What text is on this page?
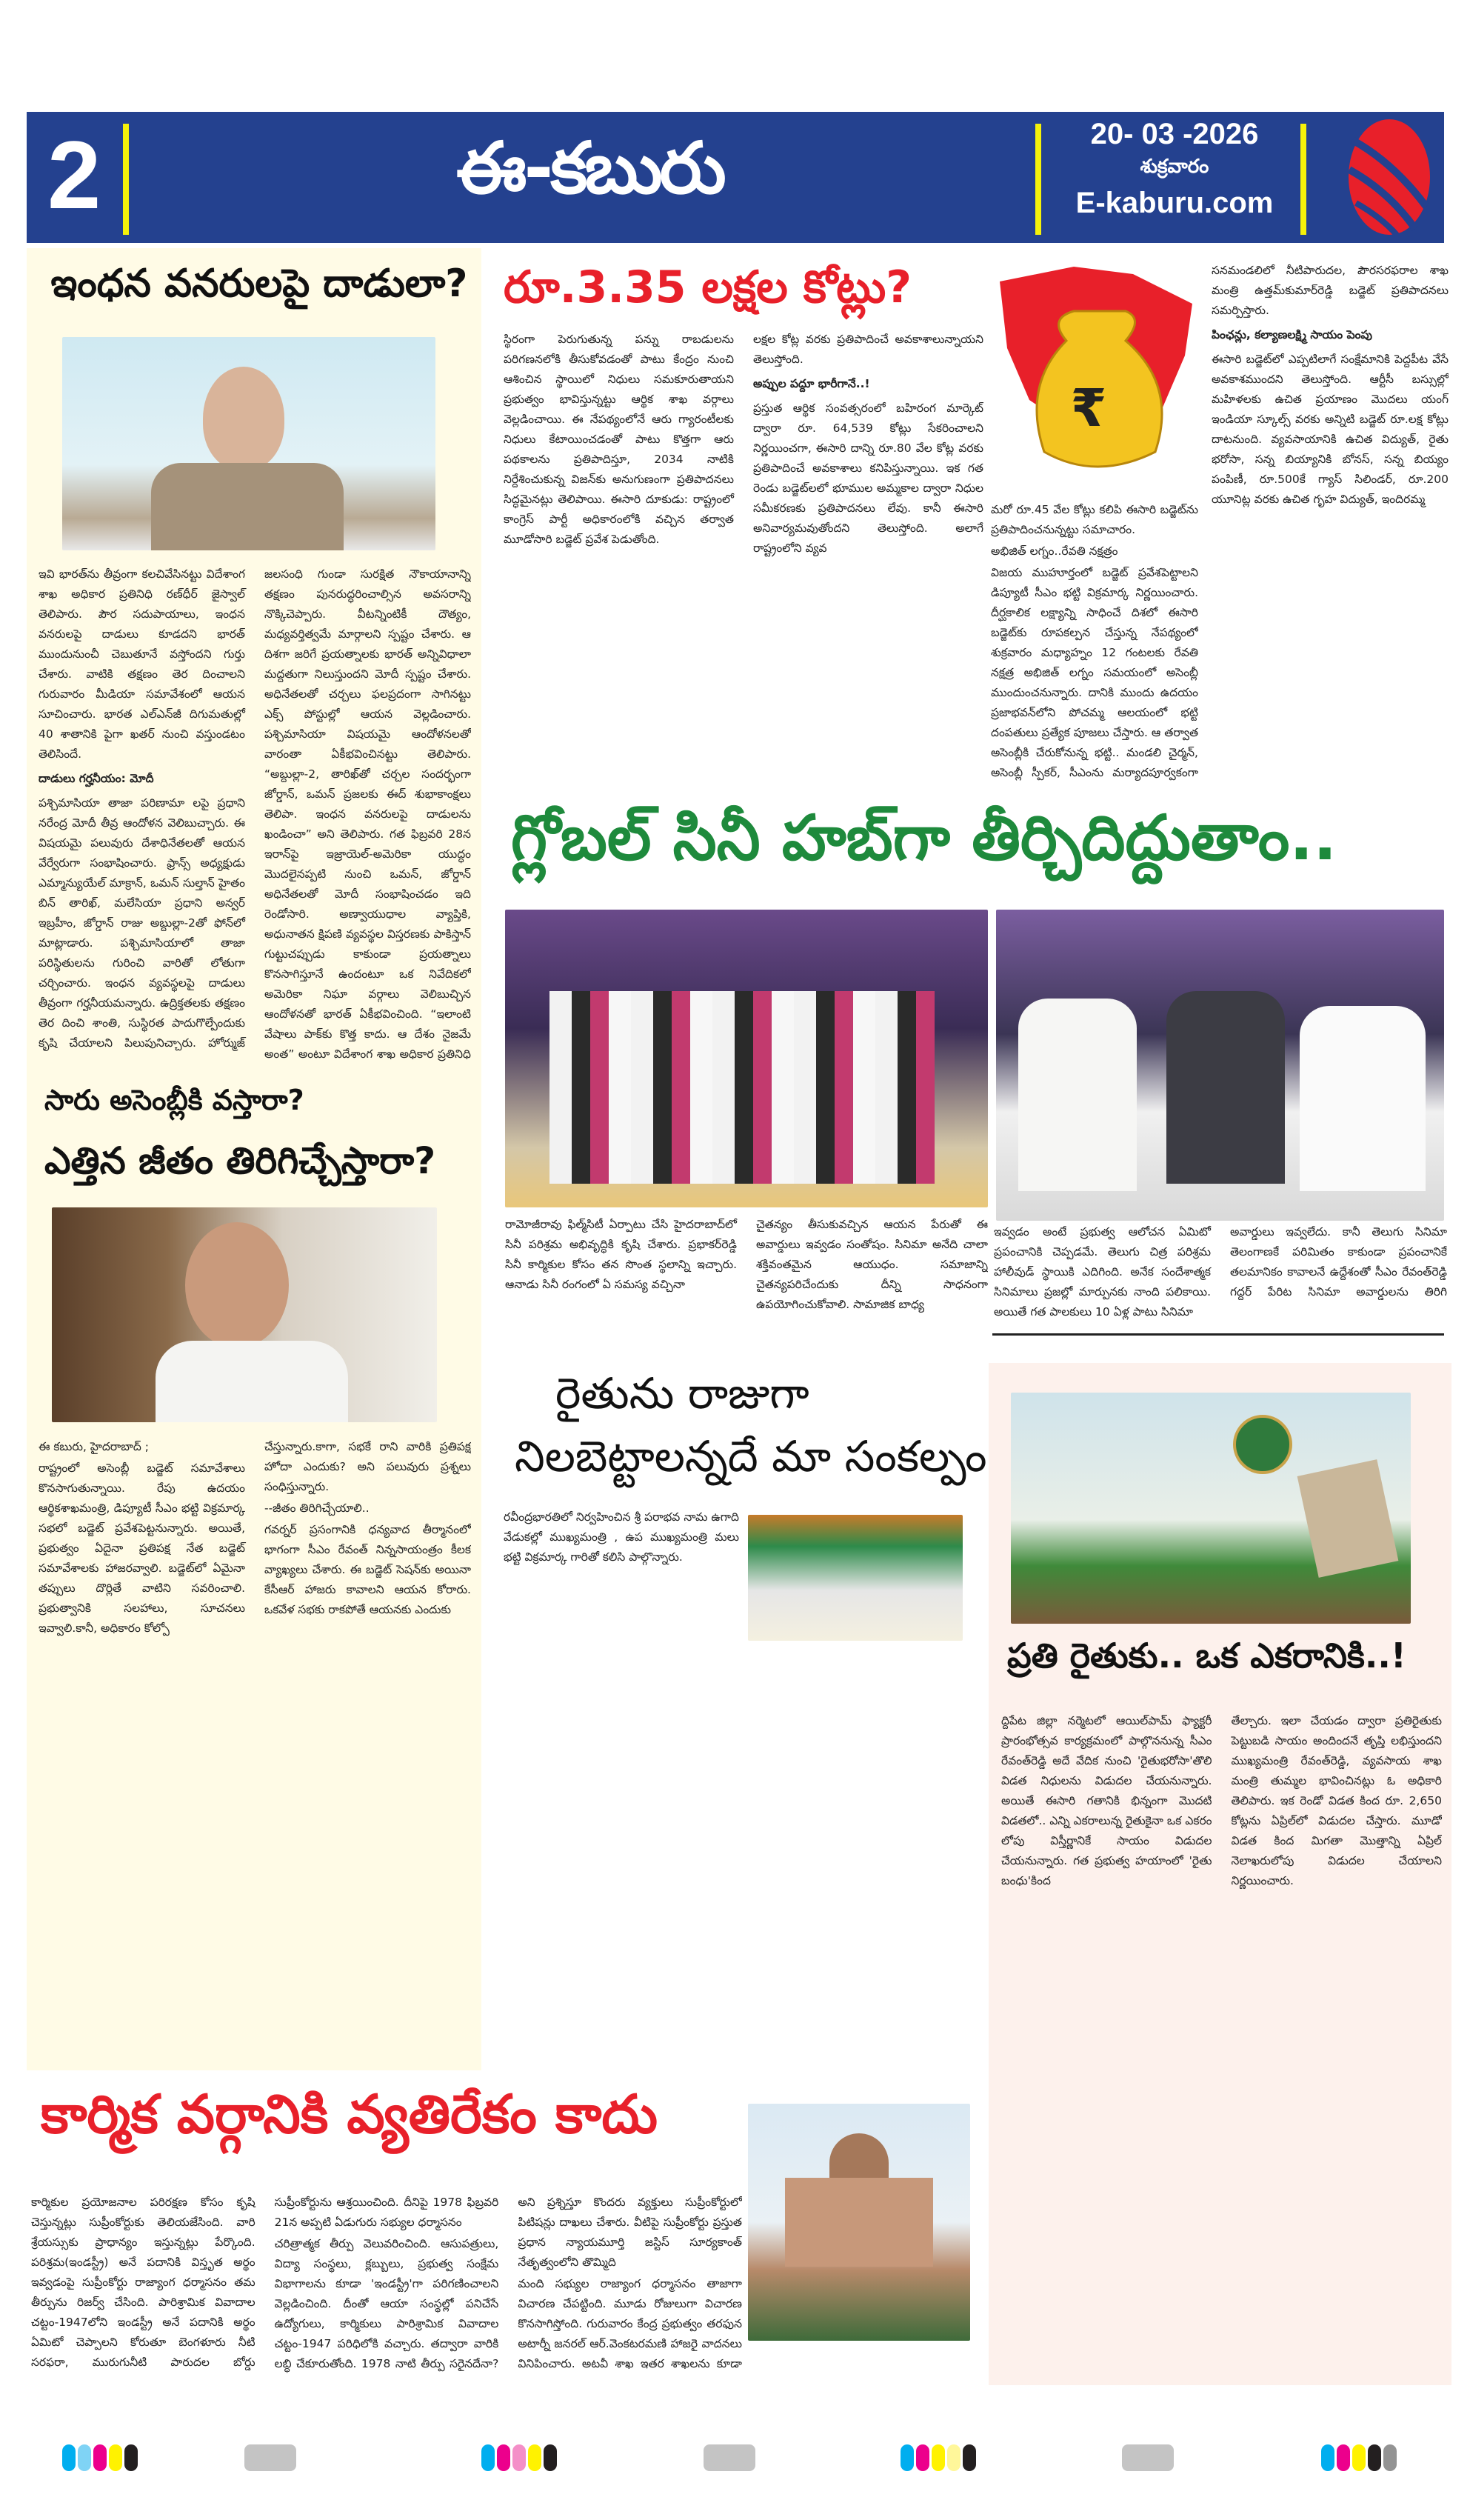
2	ఈ-కబురు	20- 03 -2026
శుక్రవారం
E-kaburu.com
ఇంధన వనరులపై దాడులా?

ఇవి భారత్‌ను తీవ్రంగా కలచివేసినట్టు విదేశాంగ శాఖ అధికార ప్రతినిధి రణ్‌ధీర్ జైస్వాల్ తెలిపారు. పౌర సదుపాయాలు, ఇంధన వనరులపై దాడులు కూడదని భారత్ ముందునుంచీ చెబుతూనే వస్తోందని గుర్తు చేశారు. వాటికి తక్షణం తెర దించాలని గురువారం మీడియా సమావేశంలో ఆయన సూచించారు. భారత ఎల్‌ఎన్‌జీ దిగుమతుల్లో 40 శాతానికి పైగా ఖతర్ నుంచి వస్తుండటం తెలిసిందే.

దాడులు గర్హనీయం: మోదీ

పశ్చిమాసియా తాజా పరిణామా లపై ప్రధాని నరేంద్ర మోదీ తీవ్ర ఆందోళన వెలిబుచ్చారు. ఈ విషయమై పలువురు దేశాధినేతలతో ఆయన వేర్వేరుగా సంభాషించారు. ఫ్రాన్స్ అధ్యక్షుడు ఎమ్మాన్యుయేల్ మాక్రాన్, ఒమన్ సుల్తాన్ హైతం బిన్ తారిఖ్, మలేసియా ప్రధాని అన్వర్ ఇబ్రహీం, జోర్డాన్ రాజు అబ్దుల్లా-2తో ఫోన్‌లో మాట్లాడారు. పశ్చిమాసియాలో తాజా పరిస్థితులను గురించి వారితో లోతుగా చర్చించారు. ఇంధన వ్యవస్థలపై దాడులు తీవ్రంగా గర్హనీయమన్నారు. ఉద్రిక్తతలకు తక్షణం తెర దించి శాంతి, సుస్థిరత పాదుగొల్పేందుకు కృషి చేయాలని పిలుపునిచ్చారు. హోర్ముజ్ జలసంధి గుండా సురక్షిత నౌకాయానాన్ని తక్షణం పునరుద్ధరించాల్సిన అవసరాన్ని నొక్కిచెప్పారు. వీటన్నింటికీ దౌత్యం, మధ్యవర్తిత్వమే మార్గాలని స్పష్టం చేశారు. ఆ దిశగా జరిగే ప్రయత్నాలకు భారత్ అన్నివిధాలా మద్దతుగా నిలుస్తుందని మోదీ స్పష్టం చేశారు. అధినేతలతో చర్చలు ఫలప్రదంగా సాగినట్టు ఎక్స్ పోస్టుల్లో ఆయన వెల్లడించారు. పశ్చిమాసియా విషయమై ఆందోళనలతో వారంతా ఏకీభవించినట్టు తెలిపారు. “అబ్దుల్లా-2, తారిఖ్‌తో చర్చల సందర్భంగా జోర్డాన్, ఒమన్ ప్రజలకు ఈద్ శుభాకాంక్షలు తెలిపా. ఇంధన వనరులపై దాడులను ఖండించా” అని తెలిపారు. గత ఫిబ్రవరి 28న ఇరాన్‌పై ఇజ్రాయెల్-అమెరికా యుద్ధం మొదలైనప్పటి నుంచి ఒమన్, జోర్డాన్ అధినేతలతో మోదీ సంభాషించడం ఇది రెండోసారి. అణ్వాయుధాల వ్యాప్తికి, అధునాతన క్షిపణి వ్యవస్థల విస్తరణకు పాకిస్తాన్ గుట్టుచప్పుడు కాకుండా ప్రయత్నాలు కొనసాగిస్తూనే ఉందంటూ ఒక నివేదికలో అమెరికా నిఘా వర్గాలు వెలిబుచ్చిన ఆందోళనతో భారత్ ఏకీభవించింది. “ఇలాంటి వేషాలు పాక్‌కు కొత్త కాదు. ఆ దేశం నైజమే అంత” అంటూ విదేశాంగ శాఖ అధికార ప్రతినిధి

సారు అసెంబ్లీకి వస్తారా?
ఎత్తిన జీతం తిరిగిచ్చేస్తారా?

ఈ కబురు, హైదరాబాద్ ;

రాష్ట్రంలో అసెంబ్లీ బడ్జెట్ సమావేశాలు కొనసాగుతున్నాయి. రేపు ఉదయం ఆర్థికశాఖమంత్రి, డిప్యూటీ సీఎం భట్టి విక్రమార్క సభలో బడ్జెట్ ప్రవేశపెట్టనున్నారు. అయితే, ప్రభుత్వం ఏదైనా ప్రతిపక్ష నేత బడ్జెట్ సమావేశాలకు హాజరవ్వాలి. బడ్జెట్‌లో ఏమైనా తప్పులు దొర్లితే వాటిని సవరించాలి. ప్రభుత్వానికి సలహాలు, సూచనలు ఇవ్వాలి.కానీ, అధికారం కోల్పో

చేస్తున్నారు.కాగా, సభకే రాని వారికి ప్రతిపక్ష హోదా ఎందుకు? అని పలువురు ప్రశ్నలు సంధిస్తున్నారు.

--జీతం తిరిగిచ్చేయాలి..

గవర్నర్ ప్రసంగానికి ధన్యవాద తీర్మానంలో భాగంగా సీఎం రేవంత్ నిన్నసాయంత్రం కీలక వ్యాఖ్యలు చేశారు. ఈ బడ్జెట్ సెషన్‌కు అయినా కేసీఆర్ హాజరు కావాలని ఆయన కోరారు. ఒకవేళ సభకు రాకపోతే ఆయనకు ఎందుకు

రూ.3.35 లక్షల కోట్లు?

స్థిరంగా పెరుగుతున్న పన్ను రాబడులను పరిగణనలోకి తీసుకోవడంతో పాటు కేంద్రం నుంచి ఆశించిన స్థాయిలో నిధులు సమకూరుతాయని ప్రభుత్వం భావిస్తున్నట్టు ఆర్థిక శాఖ వర్గాలు వెల్లడించాయి. ఈ నేపథ్యంలోనే ఆరు గ్యారంటీలకు నిధులు కేటాయించడంతో పాటు కొత్తగా ఆరు పథకాలను ప్రతిపాదిస్తూ, 2034 నాటికి నిర్దేశించుకున్న విజన్‌కు అనుగుణంగా ప్రతిపాదనలు సిద్ధమైనట్లు తెలిపాయి. ఈసారి దూకుడు: రాష్ట్రంలో కాంగ్రెస్ పార్టీ అధికారంలోకి వచ్చిన తర్వాత మూడోసారి బడ్జెట్ ప్రవేశ పెడుతోంది.

లక్షల కోట్ల వరకు ప్రతిపాదించే అవకాశాలున్నాయని తెలుస్తోంది.

అప్పుల పద్దూ భారీగానే..!

ప్రస్తుత ఆర్థిక సంవత్సరంలో బహిరంగ మార్కెట్ ద్వారా రూ. 64,539 కోట్లు సేకరించాలని నిర్ణయించగా, ఈసారి దాన్ని రూ.80 వేల కోట్ల వరకు ప్రతిపాదించే అవకాశాలు కనిపిస్తున్నాయి. ఇక గత రెండు బడ్జెట్‌లలో భూముల అమ్మకాల ద్వారా నిధుల సమీకరణకు ప్రతిపాదనలు లేవు. కానీ ఈసారి అనివార్యమవుతోందని తెలుస్తోంది. అలాగే రాష్ట్రంలోని వ్యవ

₹

మరో రూ.45 వేల కోట్లు కలిపి ఈసారి బడ్జెట్‌ను ప్రతిపాదించనున్నట్టు సమాచారం.

అభిజిత్ లగ్నం..రేవతి నక్షత్రం

విజయ ముహూర్తంలో బడ్జెట్ ప్రవేశపెట్టాలని డిప్యూటీ సీఎం భట్టి విక్రమార్క నిర్ణయించారు. దీర్ఘకాలిక లక్ష్యాన్ని సాధించే దిశలో ఈసారి బడ్జెట్‌కు రూపకల్పన చేస్తున్న నేపథ్యంలో శుక్రవారం మధ్యాహ్నం 12 గంటలకు రేవతి నక్షత్ర అభిజిత్ లగ్నం సమయంలో అసెంబ్లీ ముందుంచనున్నారు. దానికి ముందు ఉదయం ప్రజాభవన్‌లోని పోచమ్మ ఆలయంలో భట్టి దంపతులు ప్రత్యేక పూజలు చేస్తారు. ఆ తర్వాత అసెంబ్లీకి చేరుకోనున్న భట్టి.. మండలి చైర్మన్, అసెంబ్లీ స్పీకర్, సీఎంను మర్యాదపూర్వకంగా

సనమండలిలో నీటిపారుదల, పౌరసరఫరాల శాఖ మంత్రి ఉత్తమ్‌కుమార్‌రెడ్డి బడ్జెట్ ప్రతిపాదనలు సమర్పిస్తారు.

పింఛన్లు, కల్యాణలక్ష్మి సాయం పెంపు

ఈసారి బడ్జెట్‌లో ఎప్పటిలాగే సంక్షేమానికి పెద్దపీట వేసే అవకాశముందని తెలుస్తోంది. ఆర్టీసీ బస్సుల్లో మహిళలకు ఉచిత ప్రయాణం మొదలు యంగ్ ఇండియా స్కూల్స్ వరకు అన్నిటి బడ్జెట్ రూ.లక్ష కోట్లు దాటనుంది. వ్యవసాయానికి ఉచిత విద్యుత్, రైతు భరోసా, సన్న బియ్యానికి బోనస్, సన్న బియ్యం పంపిణీ, రూ.500కే గ్యాస్ సిలిండర్, రూ.200 యూనిట్ల వరకు ఉచిత గృహ విద్యుత్, ఇందిరమ్మ

గ్లోబల్ సినీ హబ్‌గా తీర్చిదిద్దుతాం..

రామోజీరావు ఫిల్మ్‌సిటీ ఏర్పాటు చేసి హైదరాబాద్‌లో సినీ పరిశ్రమ అభివృద్ధికి కృషి చేశారు. ప్రభాకర్‌రెడ్డి సినీ కార్మికుల కోసం తన సొంత స్థలాన్ని ఇచ్చారు. ఆనాడు సినీ రంగంలో ఏ సమస్య వచ్చినా

చైతన్యం తీసుకువచ్చిన ఆయన పేరుతో ఈ అవార్డులు ఇవ్వడం సంతోషం. సినిమా అనేది చాలా శక్తివంతమైన ఆయుధం. సమాజాన్ని చైతన్యపరిచేందుకు దీన్ని సాధనంగా ఉపయోగించుకోవాలి. సామాజిక బాధ్య

ఇవ్వడం అంటే ప్రభుత్వ ఆలోచన ఏమిటో ప్రపంచానికి చెప్పడమే. తెలుగు చిత్ర పరిశ్రమ హాలీవుడ్ స్థాయికి ఎదిగింది. అనేక సందేశాత్మక సినిమాలు ప్రజల్లో మార్పునకు నాంది పలికాయి. అయితే గత పాలకులు 10 ఏళ్ల పాటు సినిమా

అవార్డులు ఇవ్వలేదు. కానీ తెలుగు సినిమా తెలంగాణకే పరిమితం కాకుండా ప్రపంచానికే తలమానికం కావాలనే ఉద్దేశంతో సీఎం రేవంత్‌రెడ్డి గద్దర్ పేరిట సినిమా అవార్డులను తిరిగి

రైతును రాజుగా
నిలబెట్టాలన్నదే మా సంకల్పం

రవీంద్రభారతిలో నిర్వహించిన శ్రీ పరాభవ నామ ఉగాది వేడుకల్లో ముఖ్యమంత్రి , ఉప ముఖ్యమంత్రి మలు భట్టి విక్రమార్క గారితో కలిసి పాల్గొన్నారు.

ప్రతి రైతుకు.. ఒక ఎకరానికి..!

ద్దిపేట జిల్లా నర్మెటలో ఆయిల్‌పామ్ ఫ్యాక్టరీ ప్రారంభోత్సవ కార్యక్రమంలో పాల్గొననున్న సీఎం రేవంత్‌రెడ్డి అదే వేదిక నుంచి 'రైతుభరోసా'తొలి విడత నిధులను విడుదల చేయనున్నారు. అయితే ఈసారి గతానికి భిన్నంగా మొదటి విడతలో.. ఎన్ని ఎకరాలున్న రైతుకైనా ఒక ఎకరం లోపు విస్తీర్ణానికే సాయం విడుదల చేయనున్నారు. గత ప్రభుత్వ హయాంలో 'రైతు బంధు'కింద

తేల్చారు. ఇలా చేయడం ద్వారా ప్రతిరైతుకు పెట్టుబడి సాయం అందిందనే తృప్తి లభిస్తుందని ముఖ్యమంత్రి రేవంత్‌రెడ్డి, వ్యవసాయ శాఖ మంత్రి తుమ్మల భావించినట్లు ఓ అధికారి తెలిపారు. ఇక రెండో విడత కింద రూ. 2,650 కోట్లను ఏప్రిల్‌లో విడుదల చేస్తారు. మూడో విడత కింద మిగతా మొత్తాన్ని ఏప్రిల్ నెలాఖరులోపు విడుదల చేయాలని నిర్ణయించారు.

కార్మిక వర్గానికి వ్యతిరేకం కాదు

కార్మికుల ప్రయోజనాల పరిరక్షణ కోసం కృషి చెస్తున్నట్లు సుప్రీంకోర్టుకు తెలియజేసింది. వారి శ్రేయస్సుకు ప్రాధాన్యం ఇస్తున్నట్లు పేర్కొంది. పరిశ్రమ(ఇండస్ట్రీ) అనే పదానికి విస్తృత అర్థం ఇవ్వడంపై సుప్రీంకోర్టు రాజ్యాంగ ధర్మాసనం తమ తీర్పును రిజర్వ్ చేసింది. పారిశ్రామిక వివాదాల చట్టం-1947లోని ఇండస్ట్రీ అనే పదానికి అర్థం ఏమిటో చెప్పాలని కోరుతూ బెంగళూరు నీటి సరఫరా, మురుగునీటి పారుదల బోర్డు సుప్రీంకోర్టును ఆశ్రయించింది. దీనిపై 1978 ఫిబ్రవరి 21న అప్పటి ఏడుగురు సభ్యుల ధర్మాసనం

చరిత్రాత్మక తీర్పు వెలువరించింది. ఆసుపత్రులు, విద్యా సంస్థలు, క్లబ్బులు, ప్రభుత్వ సంక్షేమ విభాగాలను కూడా 'ఇండస్ట్రీ'గా పరిగణించాలని వెల్లడించింది. దీంతో ఆయా సంస్థల్లో పనిచేసే ఉద్యోగులు, కార్మికులు పారిశ్రామిక వివాదాల చట్టం-1947 పరిధిలోకి వచ్చారు. తద్వారా వారికి లబ్ధి చేకూరుతోంది. 1978 నాటి తీర్పు సరైనదేనా? అని ప్రశ్నిస్తూ కొందరు వ్యక్తులు సుప్రీంకోర్టులో పిటిషన్లు దాఖలు చేశారు. వీటిపై సుప్రీంకోర్టు ప్రస్తుత ప్రధాన న్యాయమూర్తి జస్టిస్ సూర్యకాంత్ నేతృత్వంలోని తొమ్మిది

మంది సభ్యుల రాజ్యాంగ ధర్మాసనం తాజాగా విచారణ చేపట్టింది. మూడు రోజులుగా విచారణ కొనసాగిస్తోంది. గురువారం కేంద్ర ప్రభుత్వం తరఫున అటార్నీ జనరల్ ఆర్.వెంకటరమణి హాజరై వాదనలు వినిపించారు. అటవీ శాఖ ఇతర శాఖలను కూడా
